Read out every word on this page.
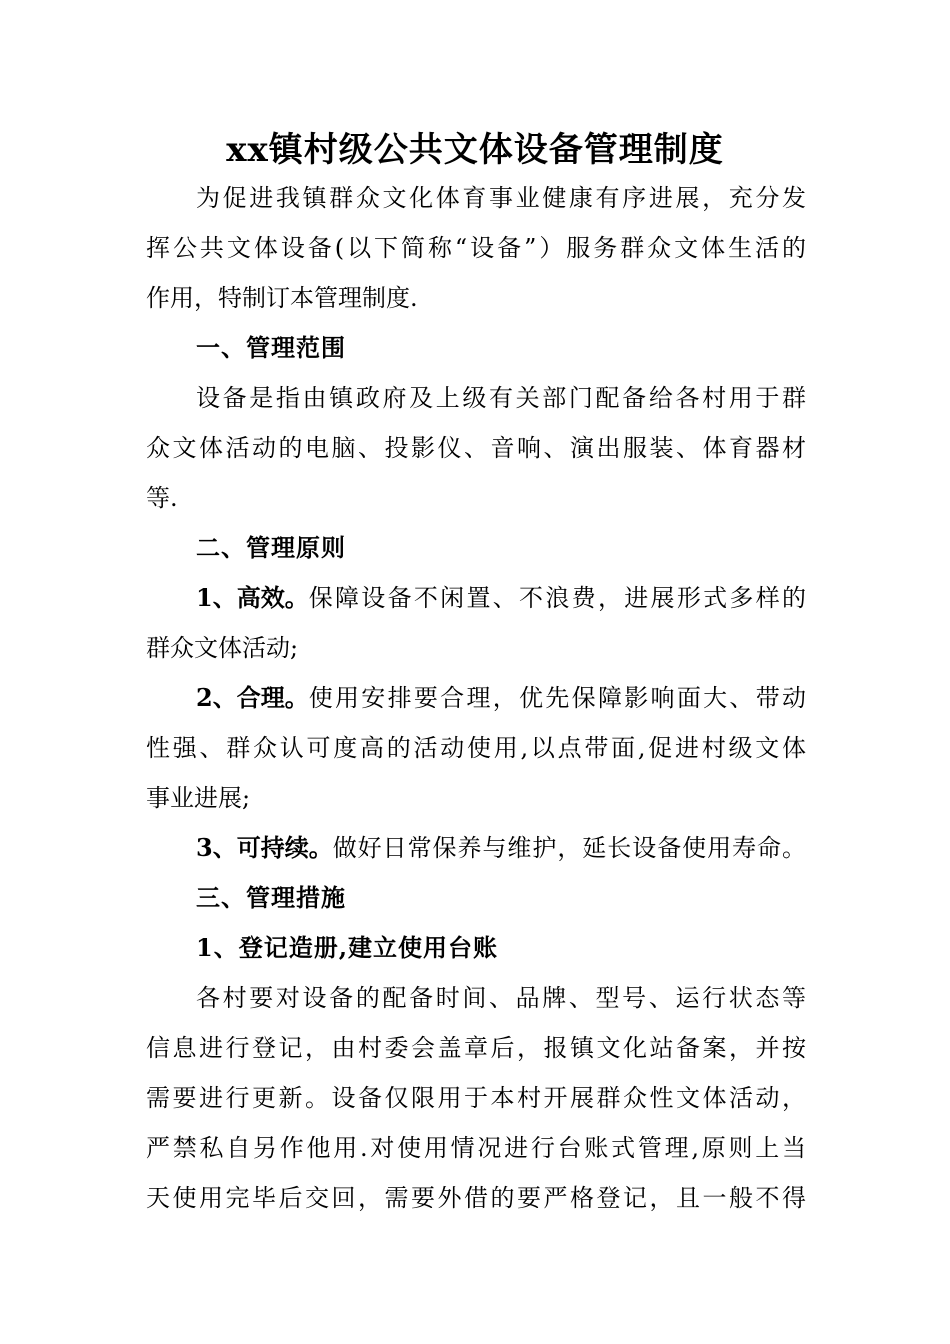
xx镇村级公共文体设备管理制度
为促进我镇群众文化体育事业健康有序进展，充分发
挥公共文体设备(以下简称“设备”）服务群众文体生活的
作用，特制订本管理制度.
一、管理范围
设备是指由镇政府及上级有关部门配备给各村用于群
众文体活动的电脑、投影仪、音响、演出服装、体育器材
等.
二、管理原则
1、高效。 保障设备不闲置、不浪费，进展形式多样的
群众文体活动;
2、合理。 使用安排要合理，优先保障影响面大、带动
性强、群众认可度高的活动使用,以点带面,促进村级文体
事业进展;
3、可持续。 做好日常保养与维护，延长设备使用寿命。
三、管理措施
1、登记造册,建立使用台账
各村要对设备的配备时间、品牌、型号、运行状态等
信息进行登记，由村委会盖章后，报镇文化站备案，并按
需要进行更新。设备仅限用于本村开展群众性文体活动，
严禁私自另作他用.对使用情况进行台账式管理,原则上当
天使用完毕后交回，需要外借的要严格登记，且一般不得
